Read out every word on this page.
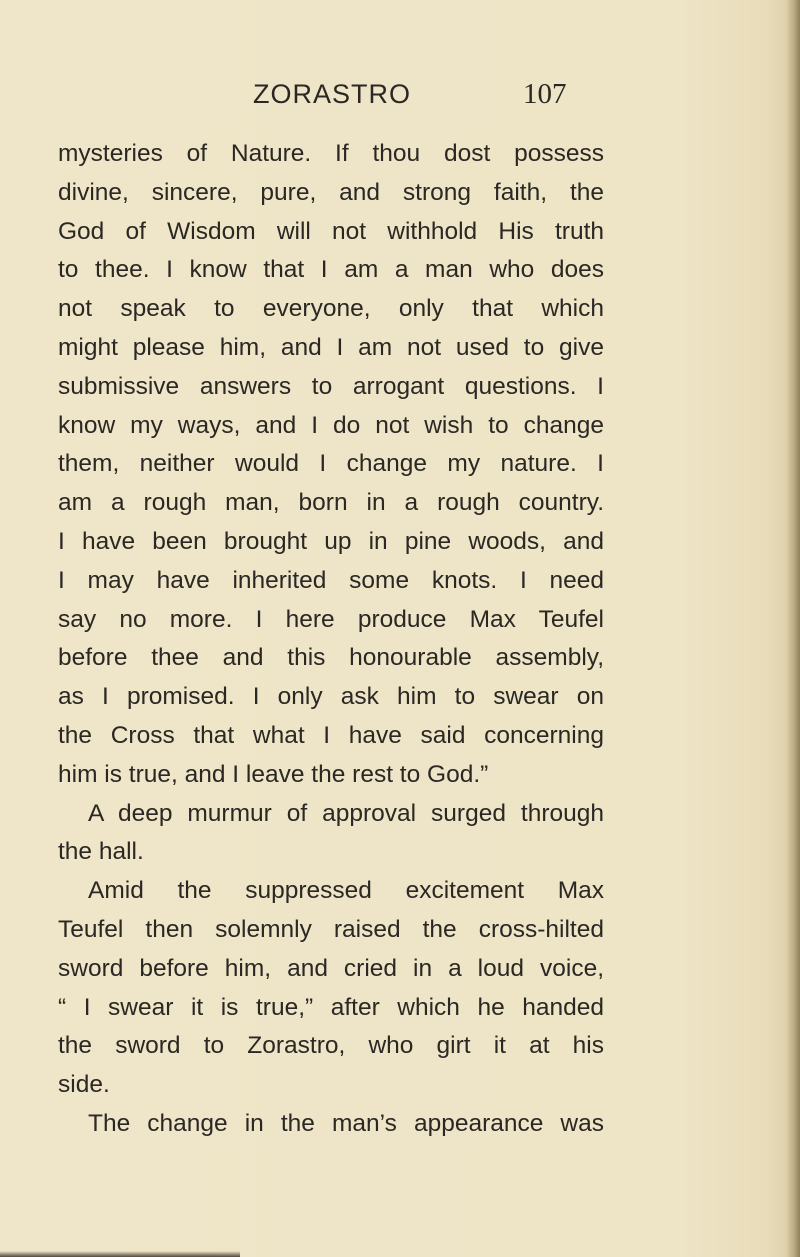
ZORASTRO	107
mysteries of Nature. If thou dost possess
divine, sincere, pure, and strong faith, the
God of Wisdom will not withhold His truth
to thee. I know that I am a man who does
not speak to everyone, only that which
might please him, and I am not used to give
submissive answers to arrogant questions. I
know my ways, and I do not wish to change
them, neither would I change my nature. I
am a rough man, born in a rough country.
I have been brought up in pine woods, and
I may have inherited some knots. I need
say no more. I here produce Max Teufel
before thee and this honourable assembly,
as I promised. I only ask him to swear on
the Cross that what I have said concerning
him is true, and I leave the rest to God.”
A deep murmur of approval surged through
the hall.
Amid the suppressed excitement Max
Teufel then solemnly raised the cross-hilted
sword before him, and cried in a loud voice,
“ I swear it is true,” after which he handed
the sword to Zorastro, who girt it at his
side.
The change in the man’s appearance was
